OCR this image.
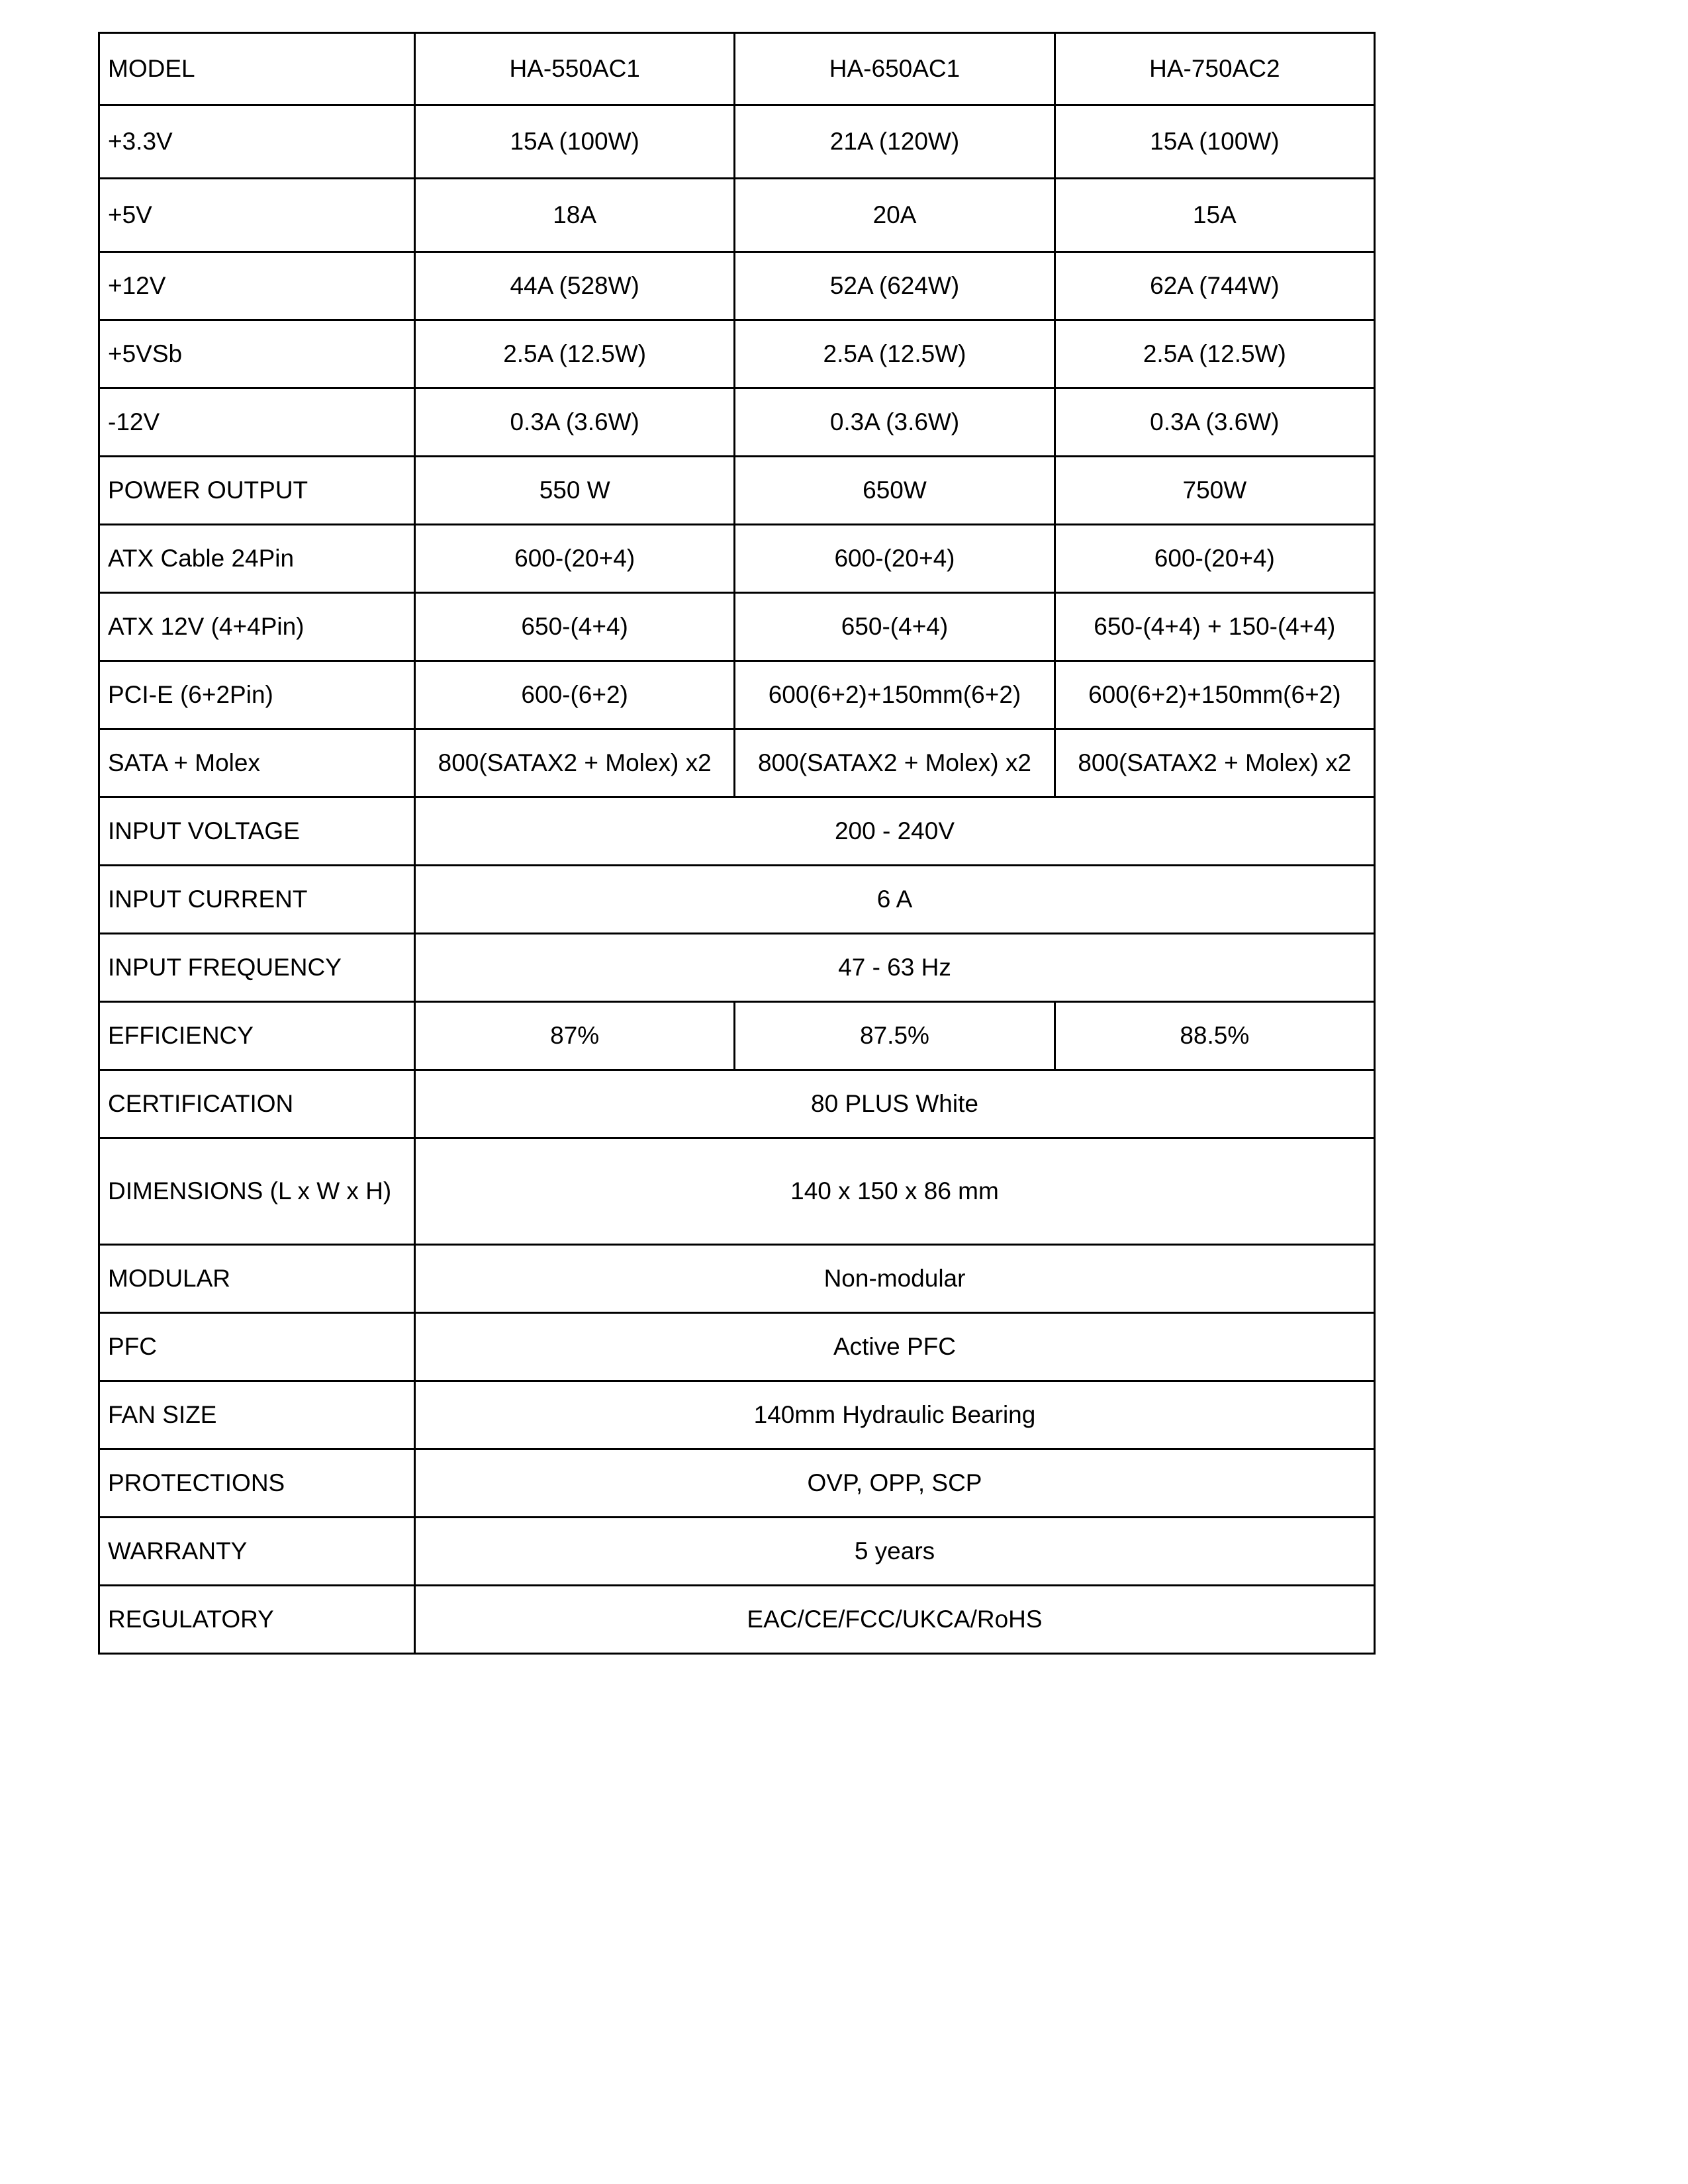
MODEL	HA-550AC1	HA-650AC1	HA-750AC2
+3.3V	15A (100W)	21A (120W)	15A (100W)
+5V	18A	20A	15A
+12V	44A (528W)	52A (624W)	62A (744W)
+5VSb	2.5A (12.5W)	2.5A (12.5W)	2.5A (12.5W)
-12V	0.3A (3.6W)	0.3A (3.6W)	0.3A (3.6W)
POWER OUTPUT	550 W	650W	750W
ATX Cable 24Pin	600-(20+4)	600-(20+4)	600-(20+4)
ATX 12V (4+4Pin)	650-(4+4)	650-(4+4)	650-(4+4) + 150-(4+4)
PCI-E (6+2Pin)	600-(6+2)	600(6+2)+150mm(6+2)	600(6+2)+150mm(6+2)
SATA + Molex	800(SATAX2 + Molex) x2	800(SATAX2 + Molex) x2	800(SATAX2 + Molex) x2
INPUT VOLTAGE	200 - 240V		
INPUT CURRENT	6 A		
INPUT FREQUENCY	47 - 63 Hz		
EFFICIENCY	87%	87.5%	88.5%
CERTIFICATION	80 PLUS White		
DIMENSIONS (L x W x H)	140 x 150 x 86 mm		
MODULAR	Non-modular		
PFC	Active PFC		
FAN SIZE	140mm Hydraulic Bearing		
PROTECTIONS	OVP, OPP, SCP		
WARRANTY	5 years		
REGULATORY	EAC/CE/FCC/UKCA/RoHS		
